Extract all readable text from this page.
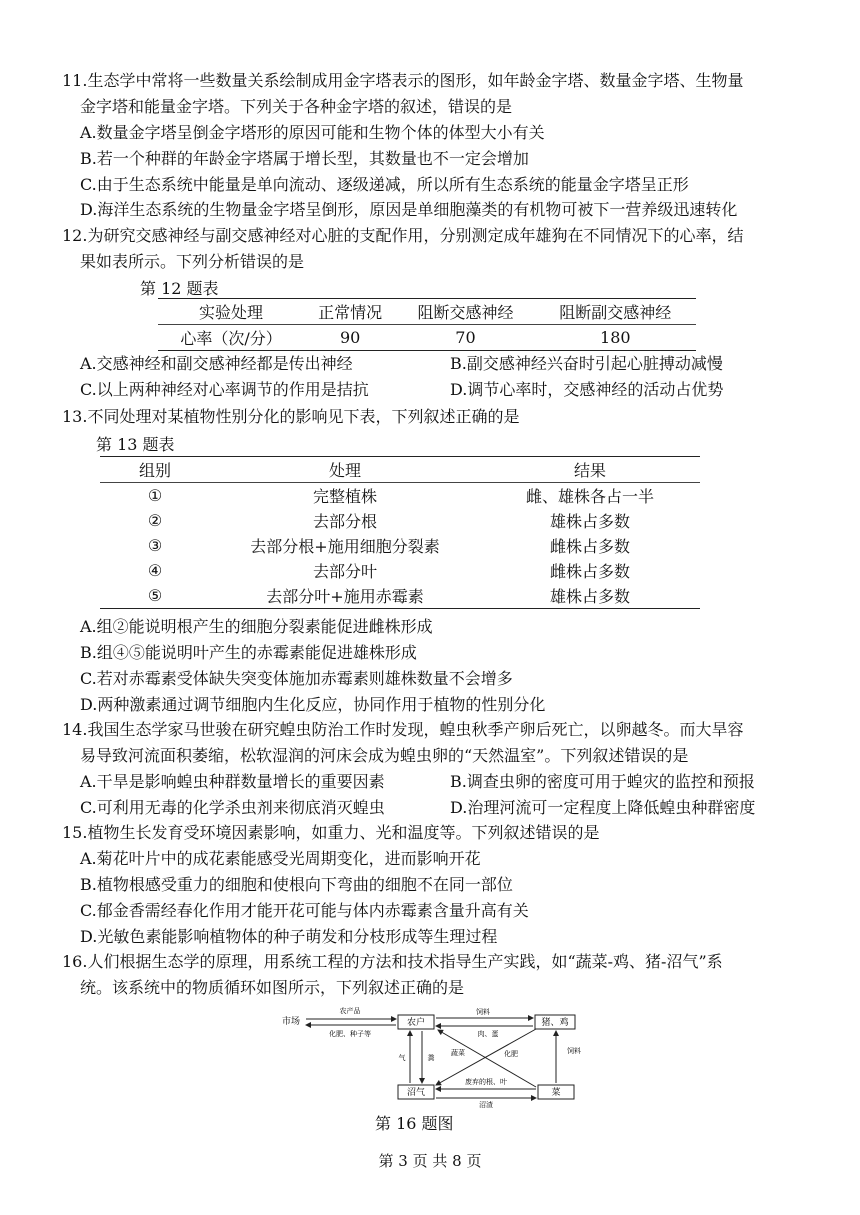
11.生态学中常将一些数量关系绘制成用金字塔表示的图形，如年龄金字塔、数量金字塔、生物量
金字塔和能量金字塔。下列关于各种金字塔的叙述，错误的是
A.数量金字塔呈倒金字塔形的原因可能和生物个体的体型大小有关
B.若一个种群的年龄金字塔属于增长型，其数量也不一定会增加
C.由于生态系统中能量是单向流动、逐级递减，所以所有生态系统的能量金字塔呈正形
D.海洋生态系统的生物量金字塔呈倒形，原因是单细胞藻类的有机物可被下一营养级迅速转化
12.为研究交感神经与副交感神经对心脏的支配作用，分别测定成年雄狗在不同情况下的心率，结
果如表所示。下列分析错误的是
第 12 题表
实验处理	正常情况	阻断交感神经	阻断副交感神经
心率（次/分）	90	70	180
A.交感神经和副交感神经都是传出神经	B.副交感神经兴奋时引起心脏搏动减慢
C.以上两种神经对心率调节的作用是拮抗	D.调节心率时，交感神经的活动占优势
13.不同处理对某植物性别分化的影响见下表，下列叙述正确的是
第 13 题表
组别	处理	结果
①	完整植株	雌、雄株各占一半
②	去部分根	雄株占多数
③	去部分根+施用细胞分裂素	雌株占多数
④	去部分叶	雌株占多数
⑤	去部分叶+施用赤霉素	雄株占多数
A.组②能说明根产生的细胞分裂素能促进雌株形成
B.组④⑤能说明叶产生的赤霉素能促进雄株形成
C.若对赤霉素受体缺失突变体施加赤霉素则雄株数量不会增多
D.两种激素通过调节细胞内生化反应，协同作用于植物的性别分化
14.我国生态学家马世骏在研究蝗虫防治工作时发现，蝗虫秋季产卵后死亡，以卵越冬。而大旱容
易导致河流面积萎缩，松软湿润的河床会成为蝗虫卵的“天然温室”。下列叙述错误的是
A.干旱是影响蝗虫种群数量增长的重要因素	B.调查虫卵的密度可用于蝗灾的监控和预报
C.可利用无毒的化学杀虫剂来彻底消灭蝗虫	D.治理河流可一定程度上降低蝗虫种群密度
15.植物生长发育受环境因素影响，如重力、光和温度等。下列叙述错误的是
A.菊花叶片中的成花素能感受光周期变化，进而影响开花
B.植物根感受重力的细胞和使根向下弯曲的细胞不在同一部位
C.郁金香需经春化作用才能开花可能与体内赤霉素含量升高有关
D.光敏色素能影响植物体的种子萌发和分枝形成等生理过程
16.人们根据生态学的原理，用系统工程的方法和技术指导生产实践，如“蔬菜-鸡、猪-沼气”系
统。该系统中的物质循环如图所示，下列叙述正确的是
市场	农户	猪、鸡
沼气	菜
农产品
化肥、种子等
饲料
肉、蛋
气	粪
蔬菜	化肥	饲料
废弃的根、叶
沼渣
第 16 题图
第 3 页 共 8 页
